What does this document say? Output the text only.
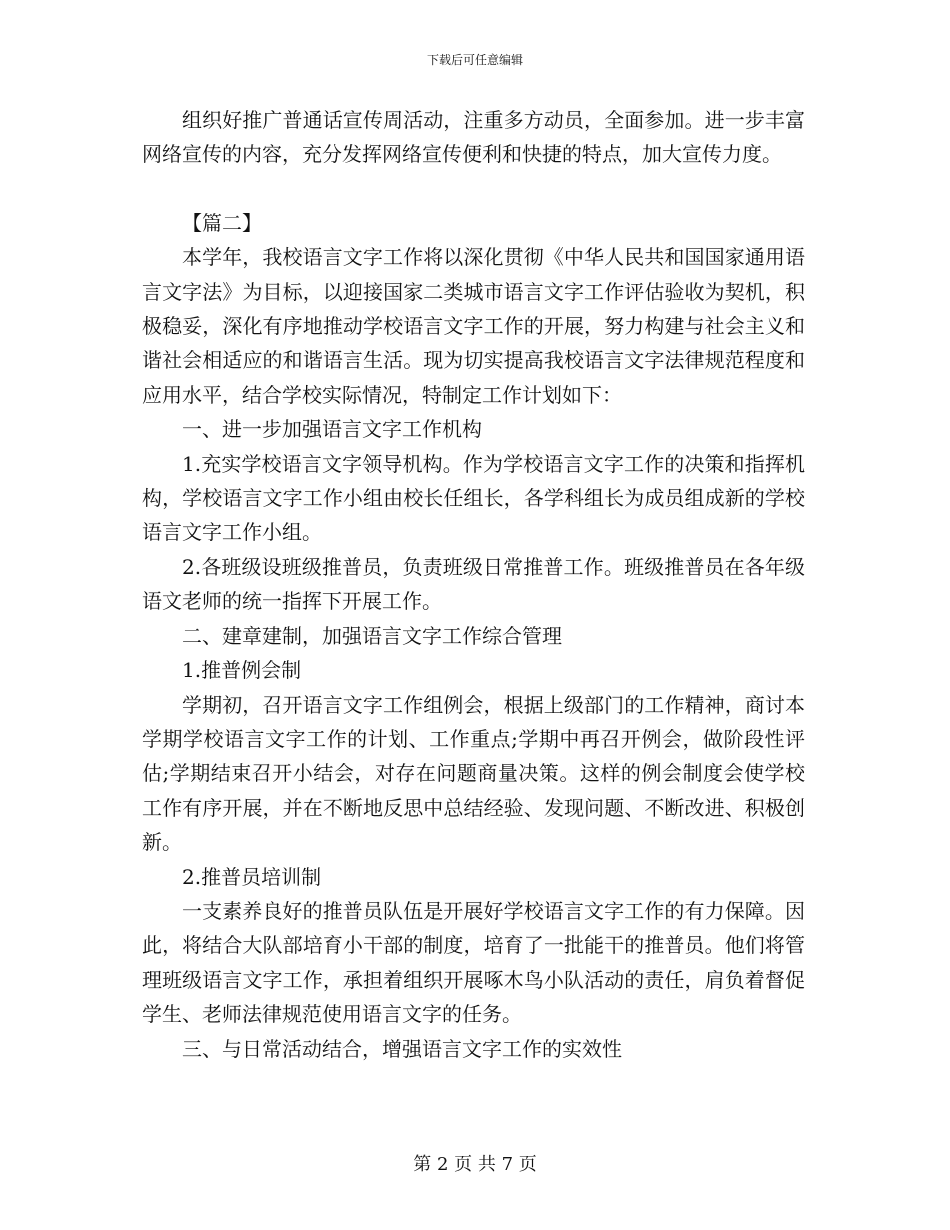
下载后可任意编辑

组织好推广普通话宣传周活动，注重多方动员，全面参加。进一步丰富网络宣传的内容，充分发挥网络宣传便利和快捷的特点，加大宣传力度。

【篇二】

本学年，我校语言文字工作将以深化贯彻《中华人民共和国国家通用语言文字法》为目标，以迎接国家二类城市语言文字工作评估验收为契机，积极稳妥，深化有序地推动学校语言文字工作的开展，努力构建与社会主义和谐社会相适应的和谐语言生活。现为切实提高我校语言文字法律规范程度和应用水平，结合学校实际情况，特制定工作计划如下：

一、进一步加强语言文字工作机构

1.充实学校语言文字领导机构。作为学校语言文字工作的决策和指挥机构，学校语言文字工作小组由校长任组长，各学科组长为成员组成新的学校语言文字工作小组。

2.各班级设班级推普员，负责班级日常推普工作。班级推普员在各年级语文老师的统一指挥下开展工作。

二、建章建制，加强语言文字工作综合管理

1.推普例会制

学期初，召开语言文字工作组例会，根据上级部门的工作精神，商讨本学期学校语言文字工作的计划、工作重点;学期中再召开例会，做阶段性评估;学期结束召开小结会，对存在问题商量决策。这样的例会制度会使学校工作有序开展，并在不断地反思中总结经验、发现问题、不断改进、积极创新。

2.推普员培训制

一支素养良好的推普员队伍是开展好学校语言文字工作的有力保障。因此，将结合大队部培育小干部的制度，培育了一批能干的推普员。他们将管理班级语言文字工作，承担着组织开展啄木鸟小队活动的责任，肩负着督促学生、老师法律规范使用语言文字的任务。

三、与日常活动结合，增强语言文字工作的实效性

第 2 页 共 7 页
